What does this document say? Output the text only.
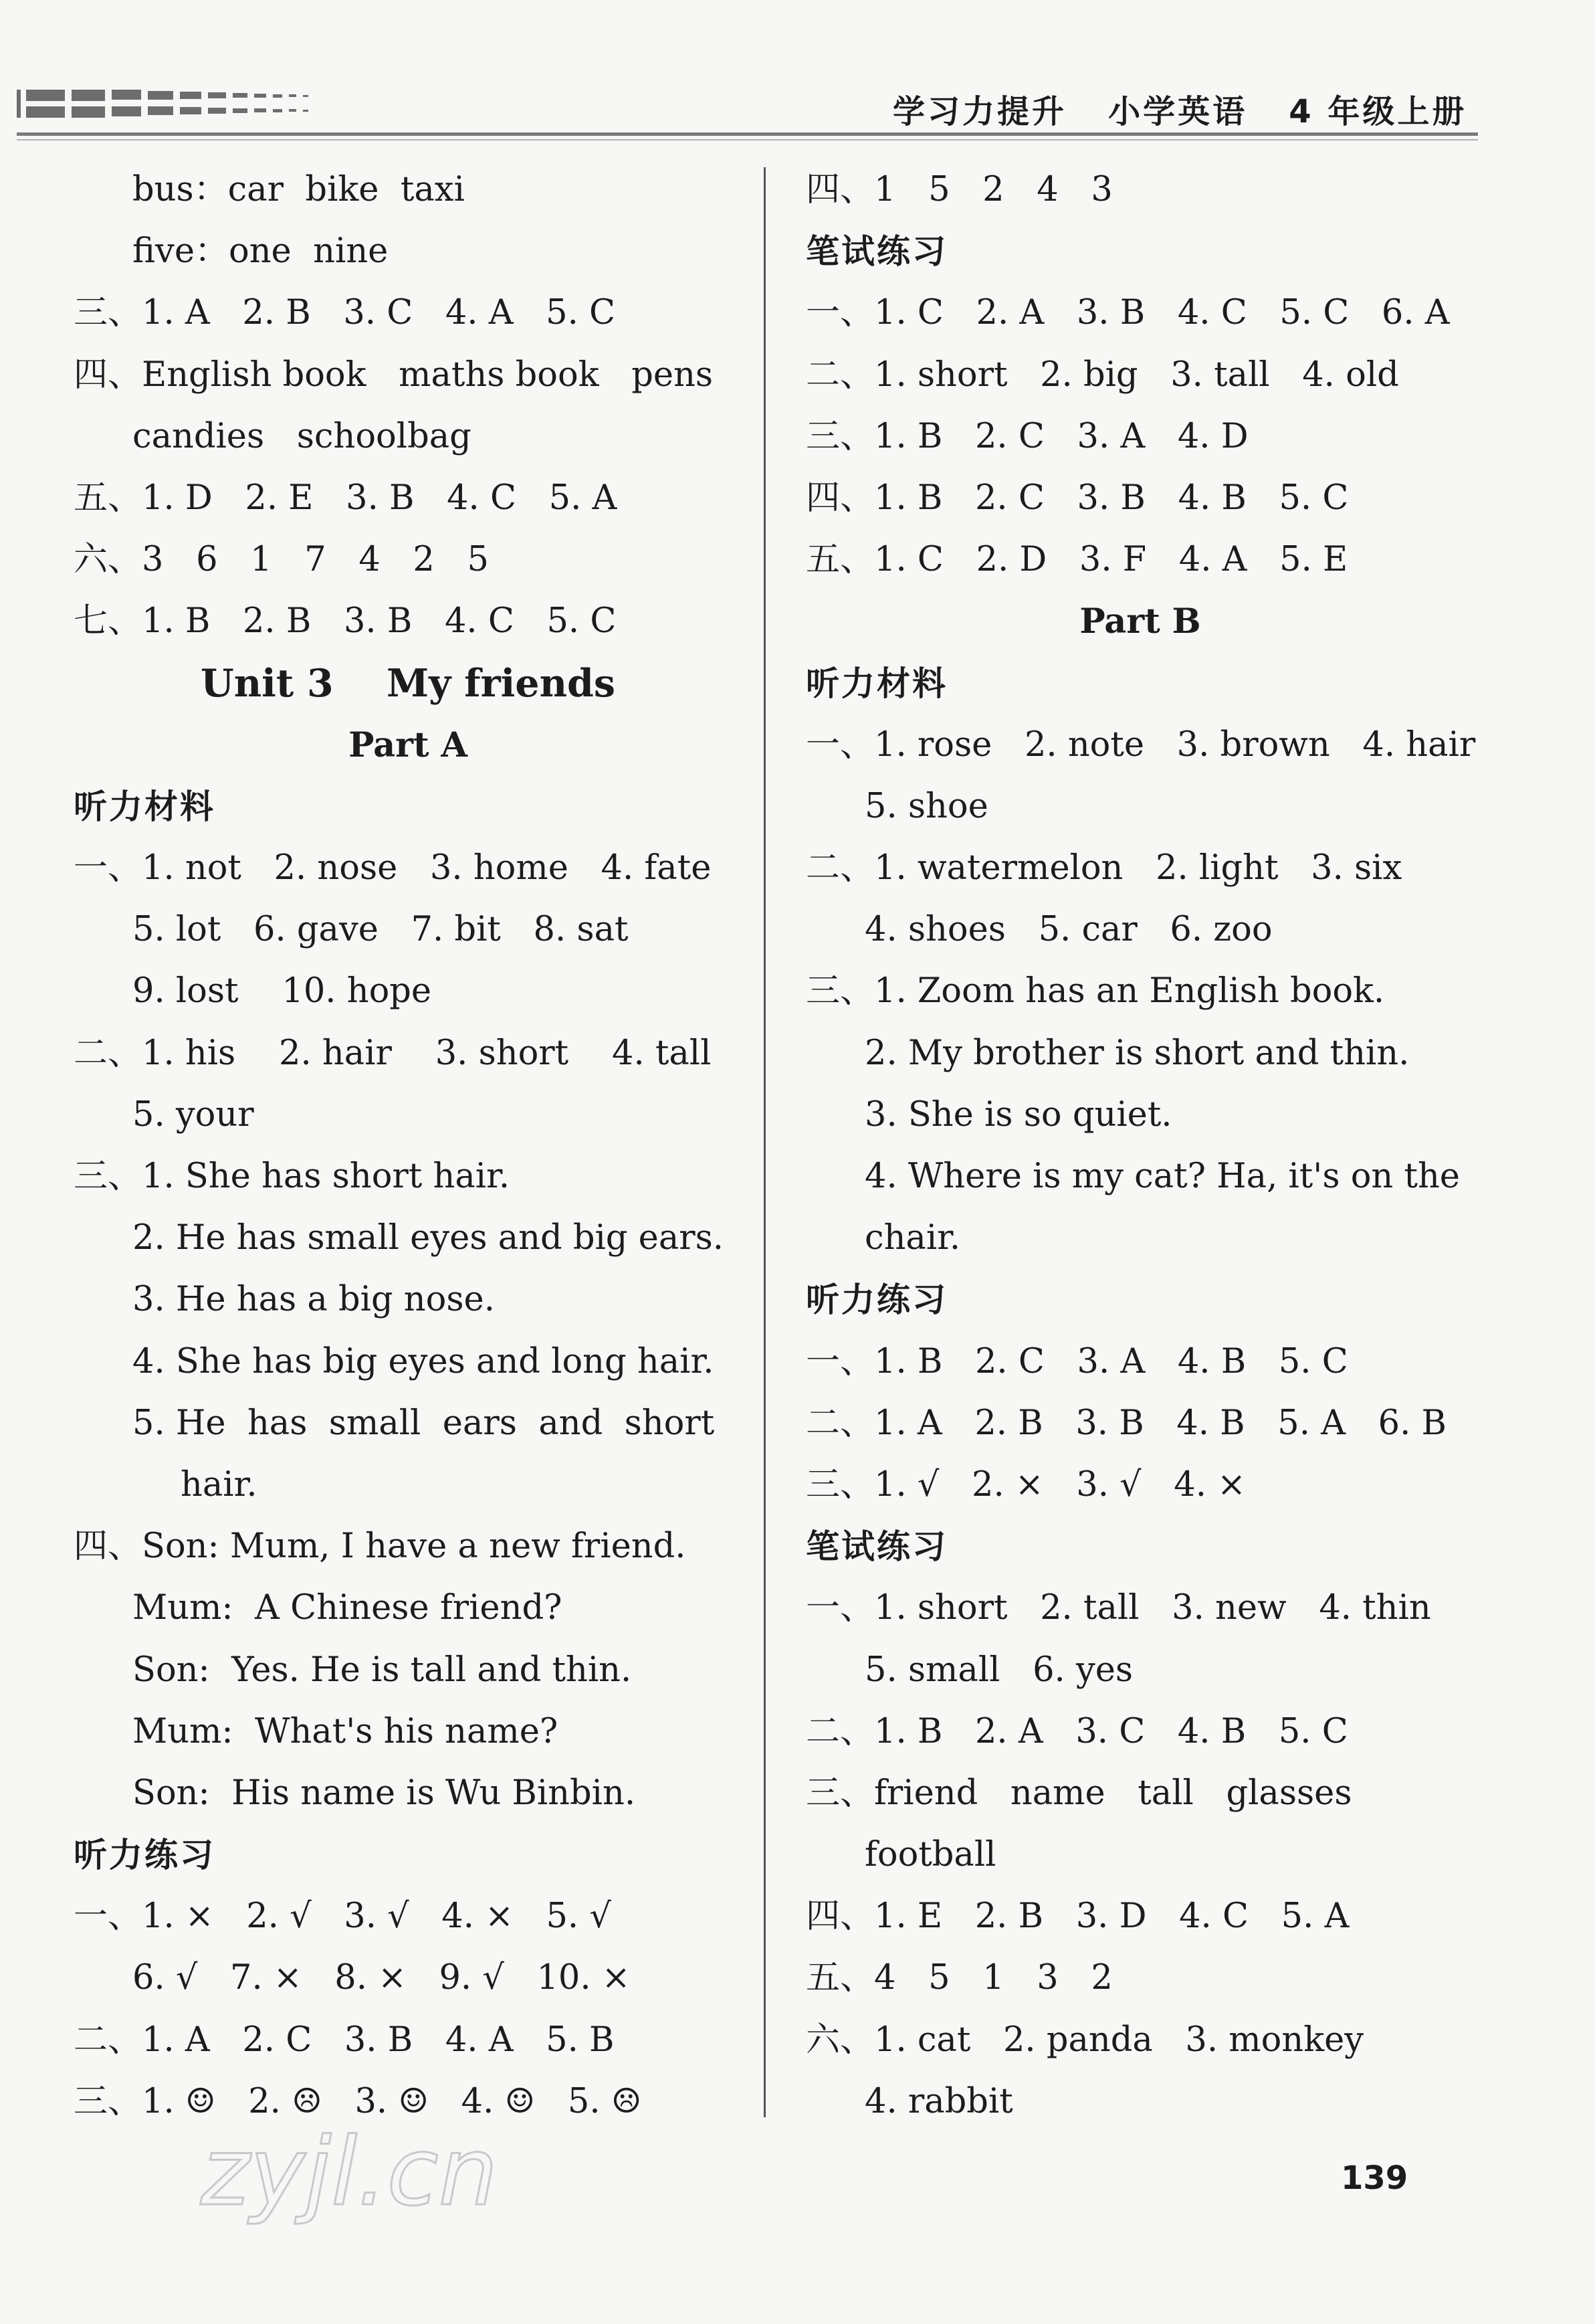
学习力提升   小学英语   4 年级上册
bus：car  bike  taxi
five：one  nine
三、1. A   2. B   3. C   4. A   5. C
四、English book   maths book   pens
candies   schoolbag
五、1. D   2. E   3. B   4. C   5. A
六、3   6   1   7   4   2   5
七、1. B   2. B   3. B   4. C   5. C
Unit 3    My friends
Part A
听力材料
一、1. not   2. nose   3. home   4. fate
5. lot   6. gave   7. bit   8. sat
9. lost    10. hope
二、1. his    2. hair    3. short    4. tall
5. your
三、1. She has short hair.
2. He has small eyes and big ears.
3. He has a big nose.
4. She has big eyes and long hair.
5. He  has  small  ears  and  short
hair.
四、Son: Mum, I have a new friend.
Mum:  A Chinese friend?
Son:  Yes. He is tall and thin.
Mum:  What's his name?
Son:  His name is Wu Binbin.
听力练习
一、1. ×   2. √   3. √   4. ×   5. √
6. √   7. ×   8. ×   9. √   10. ×
二、1. A   2. C   3. B   4. A   5. B
三、1. ☺   2. ☹   3. ☺   4. ☺   5. ☹
四、1   5   2   4   3
笔试练习
一、1. C   2. A   3. B   4. C   5. C   6. A
二、1. short   2. big   3. tall   4. old
三、1. B   2. C   3. A   4. D
四、1. B   2. C   3. B   4. B   5. C
五、1. C   2. D   3. F   4. A   5. E
Part B
听力材料
一、1. rose   2. note   3. brown   4. hair
5. shoe
二、1. watermelon   2. light   3. six
4. shoes   5. car   6. zoo
三、1. Zoom has an English book.
2. My brother is short and thin.
3. She is so quiet.
4. Where is my cat? Ha, it's on the
chair.
听力练习
一、1. B   2. C   3. A   4. B   5. C
二、1. A   2. B   3. B   4. B   5. A   6. B
三、1. √   2. ×   3. √   4. ×
笔试练习
一、1. short   2. tall   3. new   4. thin
5. small   6. yes
二、1. B   2. A   3. C   4. B   5. C
三、friend   name   tall   glasses
football
四、1. E   2. B   3. D   4. C   5. A
五、4   5   1   3   2
六、1. cat   2. panda   3. monkey
4. rabbit
139
zyjl.cn
